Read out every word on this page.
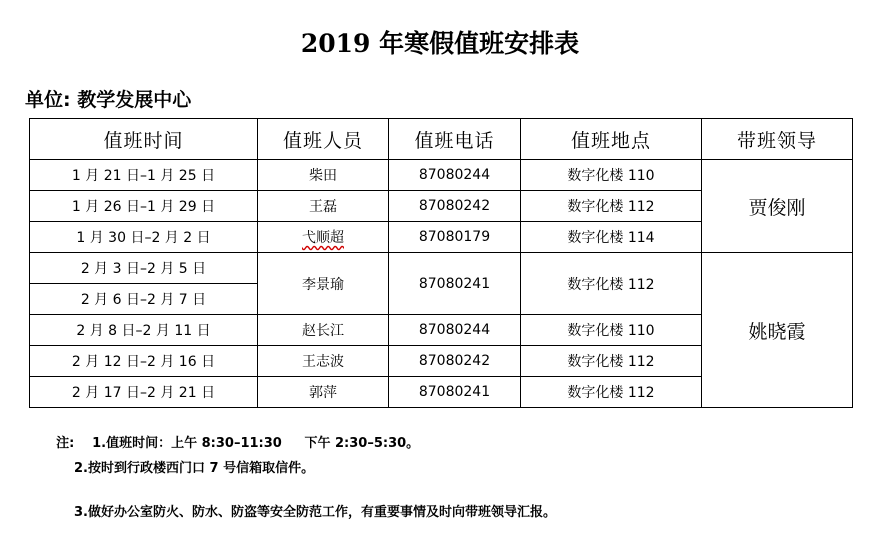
2019 年寒假值班安排表
单位: 教学发展中心
值班时间	值班人员	值班电话	值班地点	带班领导
1 月 21 日–1 月 25 日	柴田	87080244	数字化楼 110	贾俊刚
1 月 26 日–1 月 29 日	王磊	87080242	数字化楼 112	
1 月 30 日–2 月 2 日	弋顺超	87080179	数字化楼 114	
2 月 3 日–2 月 5 日	李景瑜	87080241	数字化楼 112	姚晓霞
2 月 6 日–2 月 7 日				
2 月 8 日–2 月 11 日	赵长江	87080244	数字化楼 110	
2 月 12 日–2 月 16 日	王志波	87080242	数字化楼 112	
2 月 17 日–2 月 21 日	郭萍	87080241	数字化楼 112	

注: 1.值班时间：上午 8:30–11:30     下午 2:30–5:30。

2.按时到行政楼西门口 7 号信箱取信件。
3.做好办公室防火、防水、防盗等安全防范工作，有重要事情及时向带班领导汇报。
